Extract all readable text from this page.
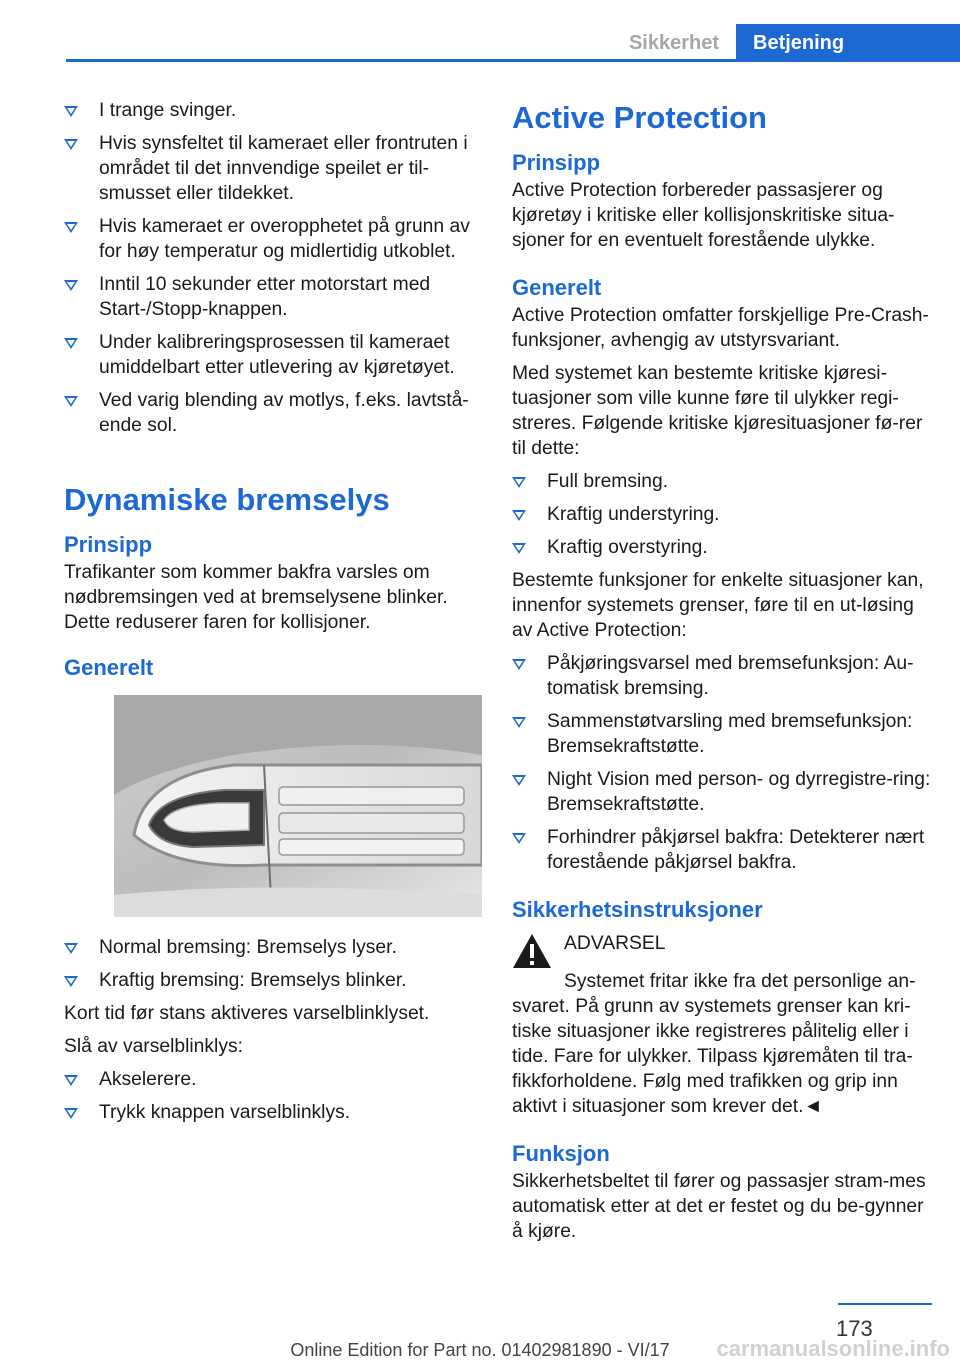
Sikkerhet	Betjening
I trange svinger.
Hvis synsfeltet til kameraet eller frontruten i området til det innvendige speilet er til-smusset eller tildekket.
Hvis kameraet er overopphetet på grunn av for høy temperatur og midlertidig utkoblet.
Inntil 10 sekunder etter motorstart med Start-/Stopp-knappen.
Under kalibreringsprosessen til kameraet umiddelbart etter utlevering av kjøretøyet.
Ved varig blending av motlys, f.eks. lavtstå-ende sol.
Dynamiske bremselys
Prinsipp

Trafikanter som kommer bakfra varsles om nødbremsingen ved at bremselysene blinker. Dette reduserer faren for kollisjoner.

Generelt
Normal bremsing: Bremselys lyser.
Kraftig bremsing: Bremselys blinker.

Kort tid før stans aktiveres varselblinklyset.

Slå av varselblinklys:

Akselerere.
Trykk knappen varselblinklys.
Active Protection
Prinsipp

Active Protection forbereder passasjerer og kjøretøy i kritiske eller kollisjonskritiske situa-sjoner for en eventuelt forestående ulykke.

Generelt

Active Protection omfatter forskjellige Pre-Crash-funksjoner, avhengig av utstyrsvariant.

Med systemet kan bestemte kritiske kjøresi-tuasjoner som ville kunne føre til ulykker regi-streres. Følgende kritiske kjøresituasjoner fø-rer til dette:

Full bremsing.
Kraftig understyring.
Kraftig overstyring.

Bestemte funksjoner for enkelte situasjoner kan, innenfor systemets grenser, føre til en ut-løsing av Active Protection:

Påkjøringsvarsel med bremsefunksjon: Au-tomatisk bremsing.
Sammenstøtvarsling med bremsefunksjon: Bremsekraftstøtte.
Night Vision med person- og dyrregistre-ring: Bremsekraftstøtte.
Forhindrer påkjørsel bakfra: Detekterer nært forestående påkjørsel bakfra.
Sikkerhetsinstruksjoner
ADVARSEL

Systemet fritar ikke fra det personlige an-svaret. På grunn av systemets grenser kan kri-tiske situasjoner ikke registreres pålitelig eller i tide. Fare for ulykker. Tilpass kjøremåten til tra-fikkforholdene. Følg med trafikken og grip inn aktivt i situasjoner som krever det.◄

Funksjon

Sikkerhetsbeltet til fører og passasjer stram-mes automatisk etter at det er festet og du be-gynner å kjøre.

173
Online Edition for Part no. 01402981890 - VI/17	carmanualsonline.info
